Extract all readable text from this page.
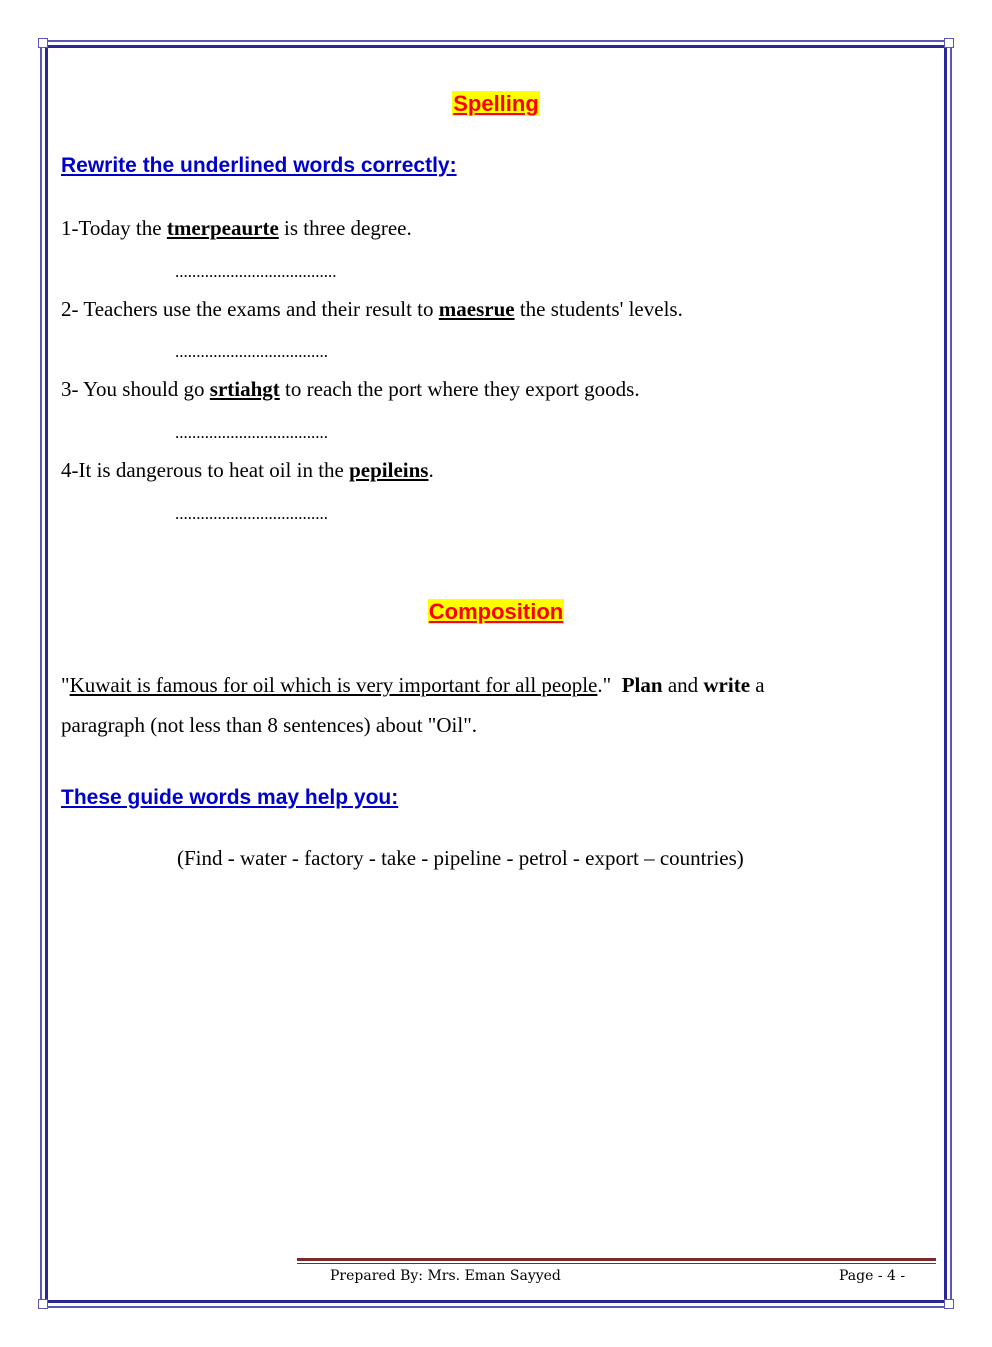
Spelling
Rewrite the underlined words correctly:
1-Today the tmerpeaurte is three degree.
......................................
2- Teachers use the exams and their result to maesrue the students' levels.
....................................
3- You should go srtiahgt to reach the port where they export goods.
....................................
4-It is dangerous to heat oil in the pepileins.
....................................
Composition
"Kuwait is famous for oil which is very important for all people."  Plan and write a
paragraph (not less than 8 sentences) about "Oil".
These guide words may help you:
(Find - water - factory - take - pipeline - petrol - export – countries)
Prepared By: Mrs. Eman Sayyed	Page - 4 -
